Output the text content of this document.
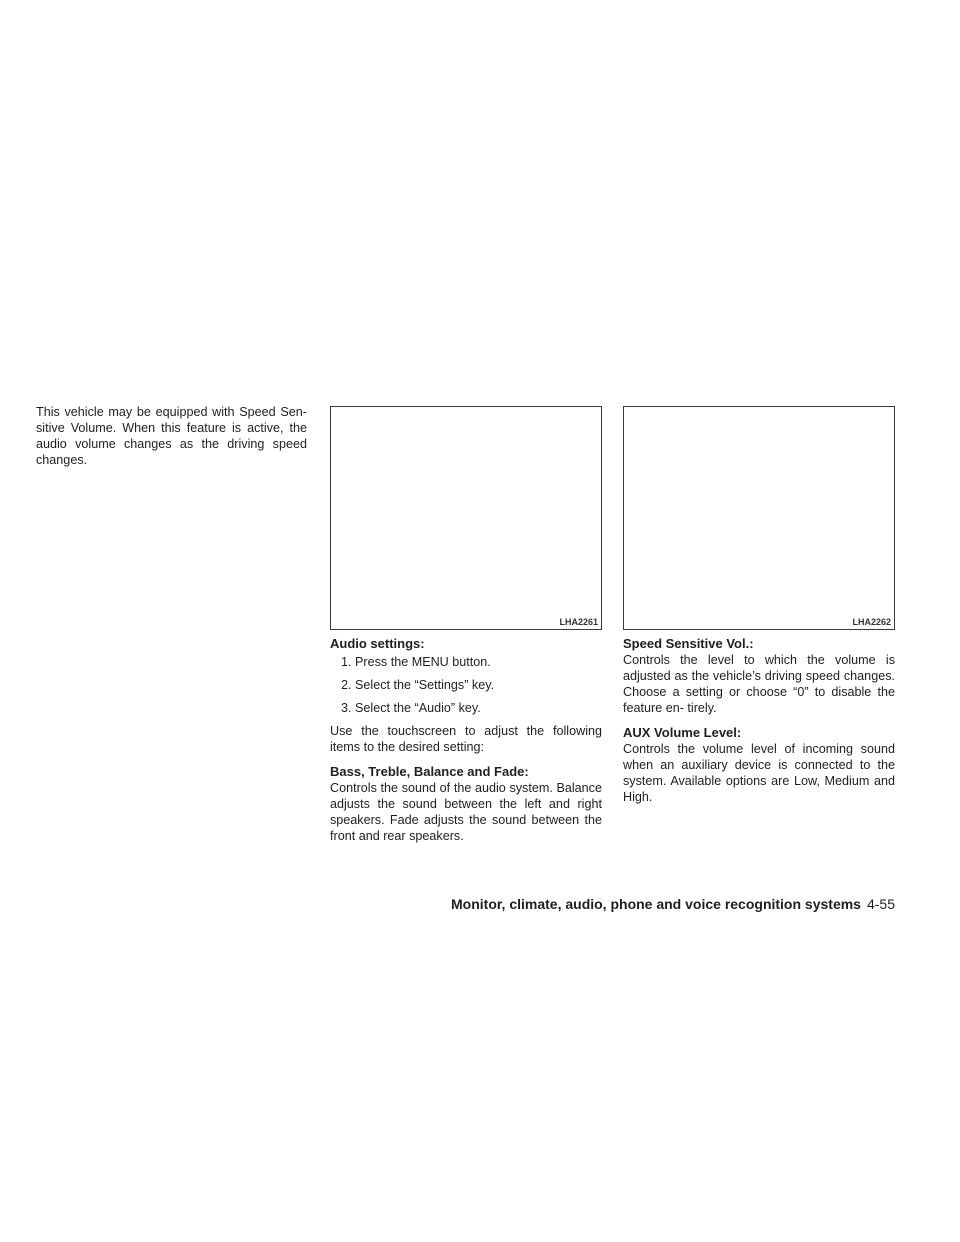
This vehicle may be equipped with Speed Sen-

sitive Volume. When this feature is active, the

audio volume changes as the driving speed

changes.

LHA2261	LHA2262

Audio settings:

1. Press the MENU button.
2. Select the “Settings” key.
3. Select the “Audio” key.

Use the touchscreen to adjust the following items to the desired setting:

Bass, Treble, Balance and Fade:

Controls the sound of the audio system. Balance adjusts the sound between the left and right speakers. Fade adjusts the sound between the front and rear speakers.

Speed Sensitive Vol.:

Controls the level to which the volume is adjusted as the vehicle’s driving speed changes. Choose a setting or choose “0” to disable the feature en- tirely.

AUX Volume Level:

Controls the volume level of incoming sound when an auxiliary device is connected to the system. Available options are Low, Medium and High.

Monitor, climate, audio, phone and voice recognition systems 4-55
